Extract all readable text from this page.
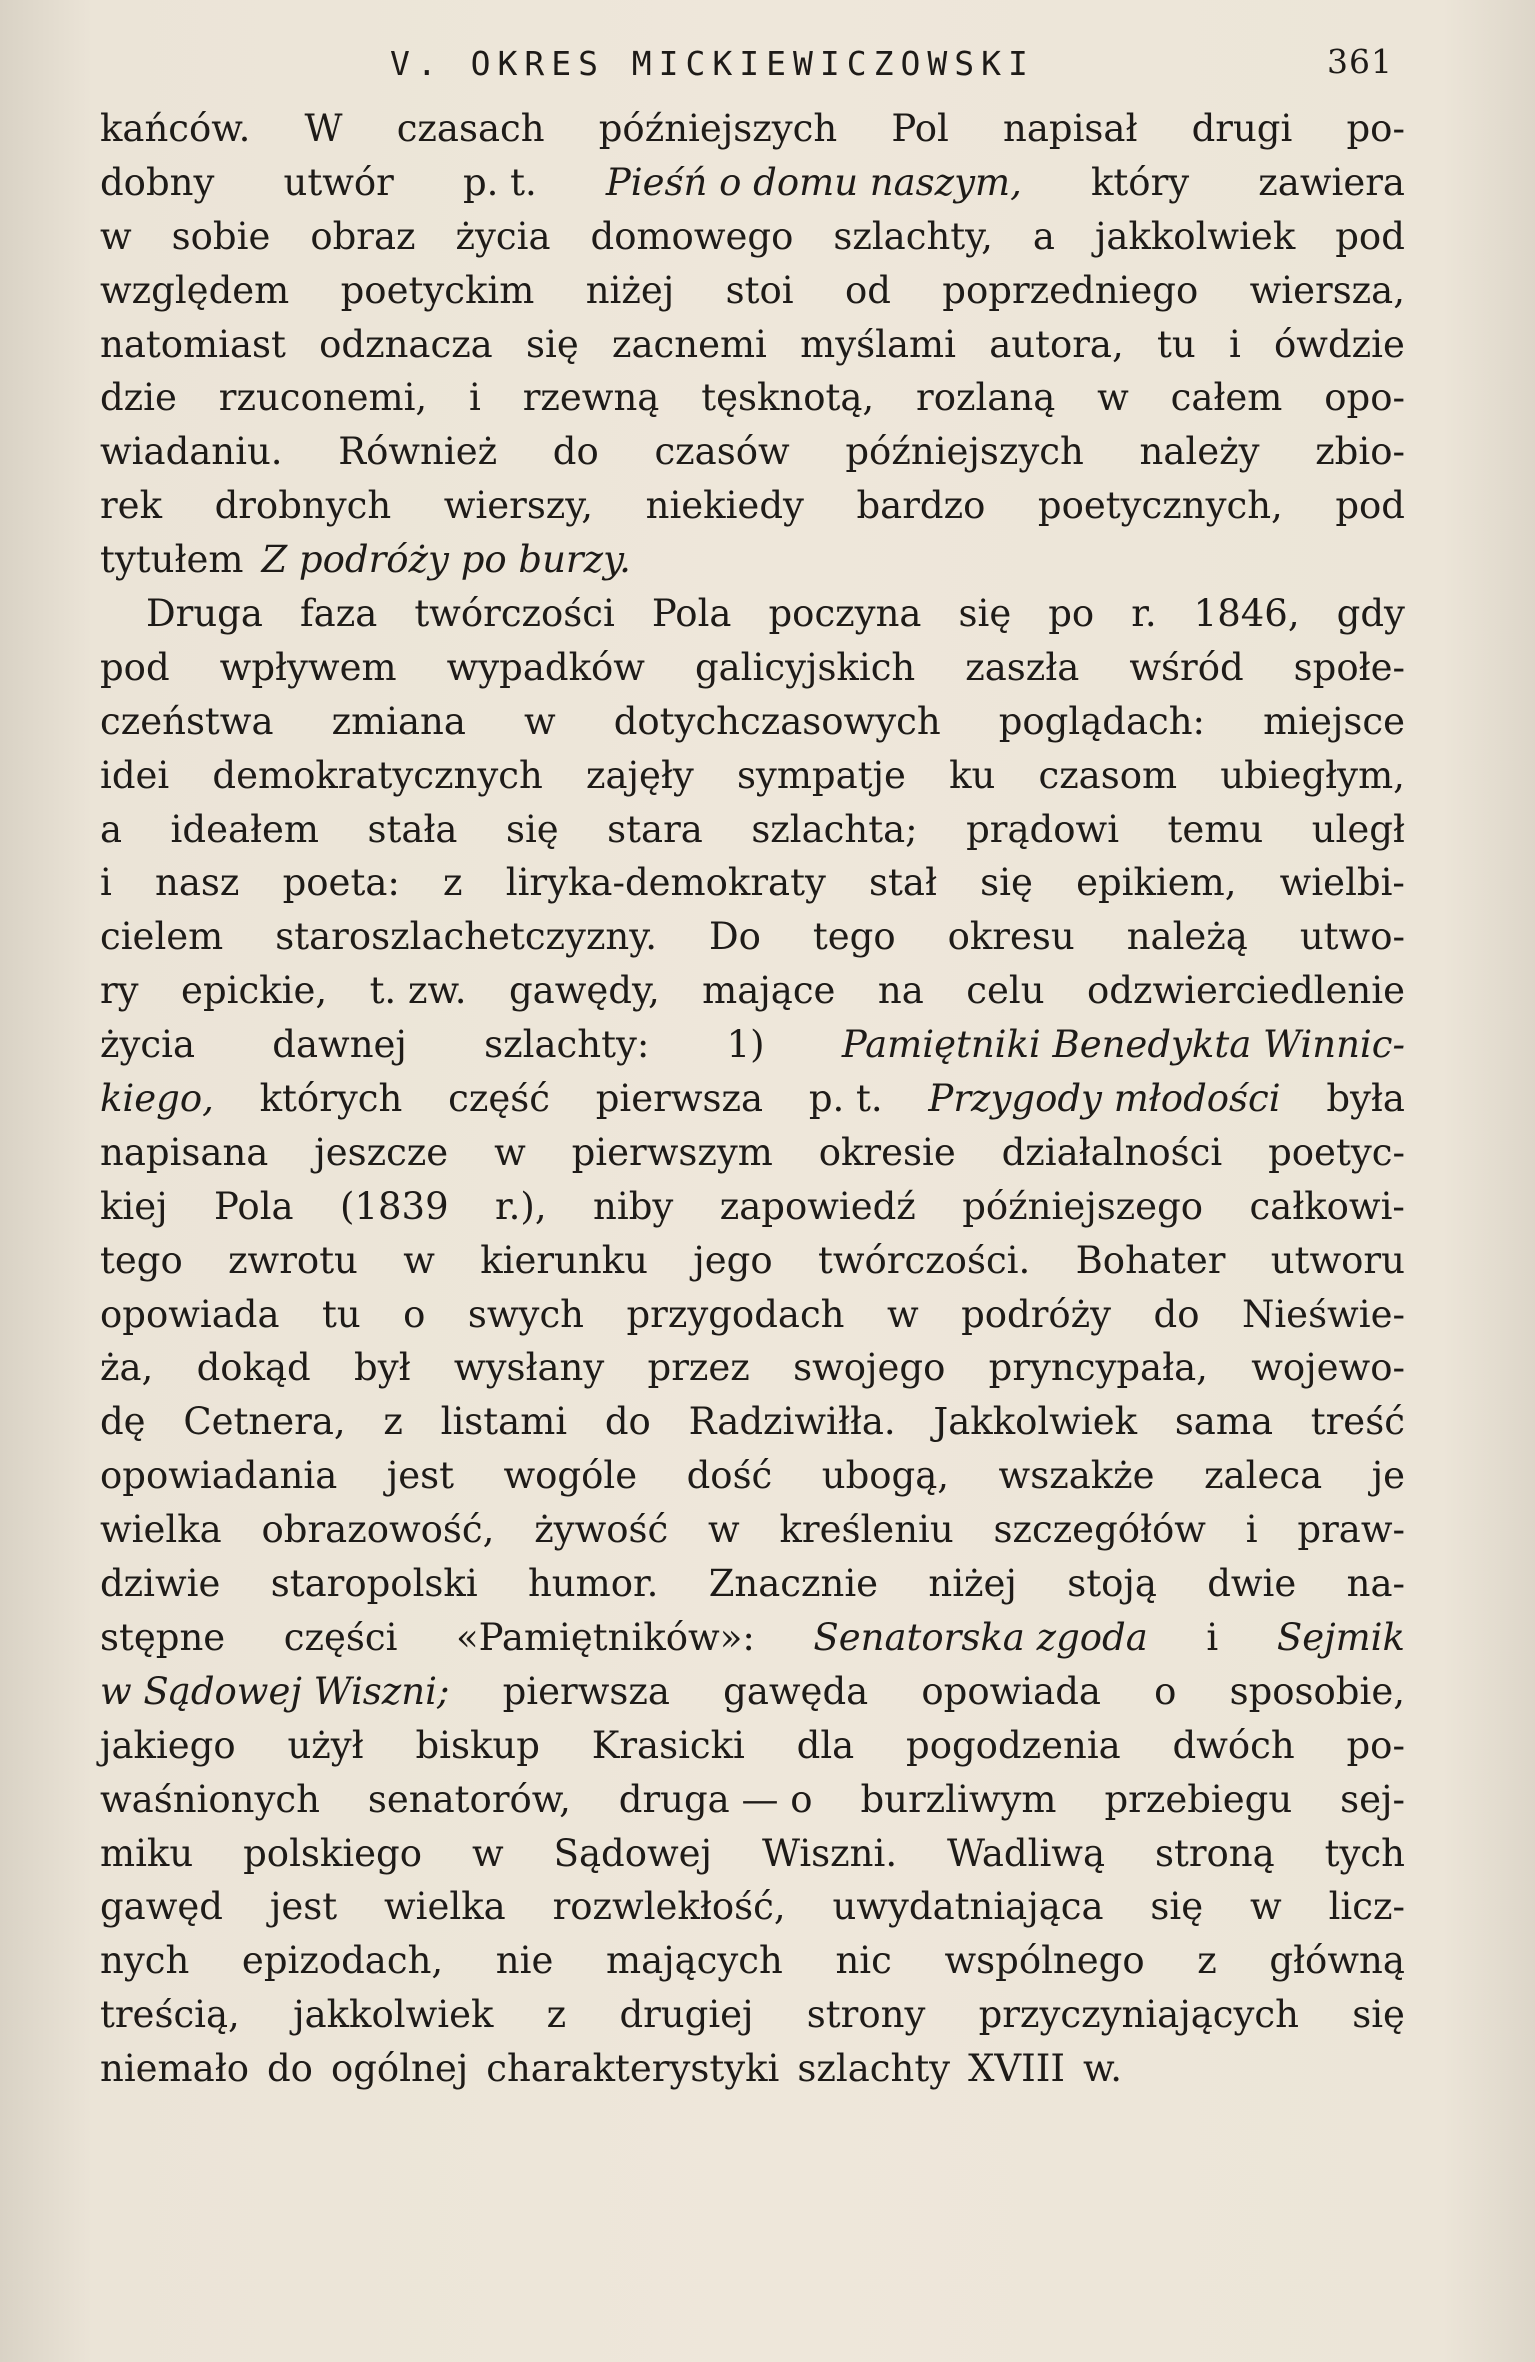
V. OKRES MICKIEWICZOWSKI	361
kańców. W czasach późniejszych Pol napisał drugi po-
dobny utwór p. t. Pieśń o domu naszym, który zawiera
w sobie obraz życia domowego szlachty, a jakkolwiek pod
względem poetyckim niżej stoi od poprzedniego wiersza,
natomiast odznacza się zacnemi myślami autora, tu i ówdzie
dzie rzuconemi, i rzewną tęsknotą, rozlaną w całem opo-
wiadaniu. Również do czasów późniejszych należy zbio-
rek drobnych wierszy, niekiedy bardzo poetycznych, pod
tytułem Z podróży po burzy.
Druga faza twórczości Pola poczyna się po r. 1846, gdy
pod wpływem wypadków galicyjskich zaszła wśród społe-
czeństwa zmiana w dotychczasowych poglądach: miejsce
idei demokratycznych zajęły sympatje ku czasom ubiegłym,
a ideałem stała się stara szlachta; prądowi temu uległ
i nasz poeta: z liryka-demokraty stał się epikiem, wielbi-
cielem staroszlachetczyzny. Do tego okresu należą utwo-
ry epickie, t. zw. gawędy, mające na celu odzwierciedlenie
życia dawnej szlachty: 1) Pamiętniki Benedykta Winnic-
kiego, których część pierwsza p. t. Przygody młodości była
napisana jeszcze w pierwszym okresie działalności poetyc-
kiej Pola (1839 r.), niby zapowiedź późniejszego całkowi-
tego zwrotu w kierunku jego twórczości. Bohater utworu
opowiada tu o swych przygodach w podróży do Nieświe-
ża, dokąd był wysłany przez swojego pryncypała, wojewo-
dę Cetnera, z listami do Radziwiłła. Jakkolwiek sama treść
opowiadania jest wogóle dość ubogą, wszakże zaleca je
wielka obrazowość, żywość w kreśleniu szczegółów i praw-
dziwie staropolski humor. Znacznie niżej stoją dwie na-
stępne części «Pamiętników»: Senatorska zgoda i Sejmik
w Sądowej Wiszni; pierwsza gawęda opowiada o sposobie,
jakiego użył biskup Krasicki dla pogodzenia dwóch po-
waśnionych senatorów, druga — o burzliwym przebiegu sej-
miku polskiego w Sądowej Wiszni. Wadliwą stroną tych
gawęd jest wielka rozwlekłość, uwydatniająca się w licz-
nych epizodach, nie mających nic wspólnego z główną
treścią, jakkolwiek z drugiej strony przyczyniających się
niemało do ogólnej charakterystyki szlachty XVIII w.
